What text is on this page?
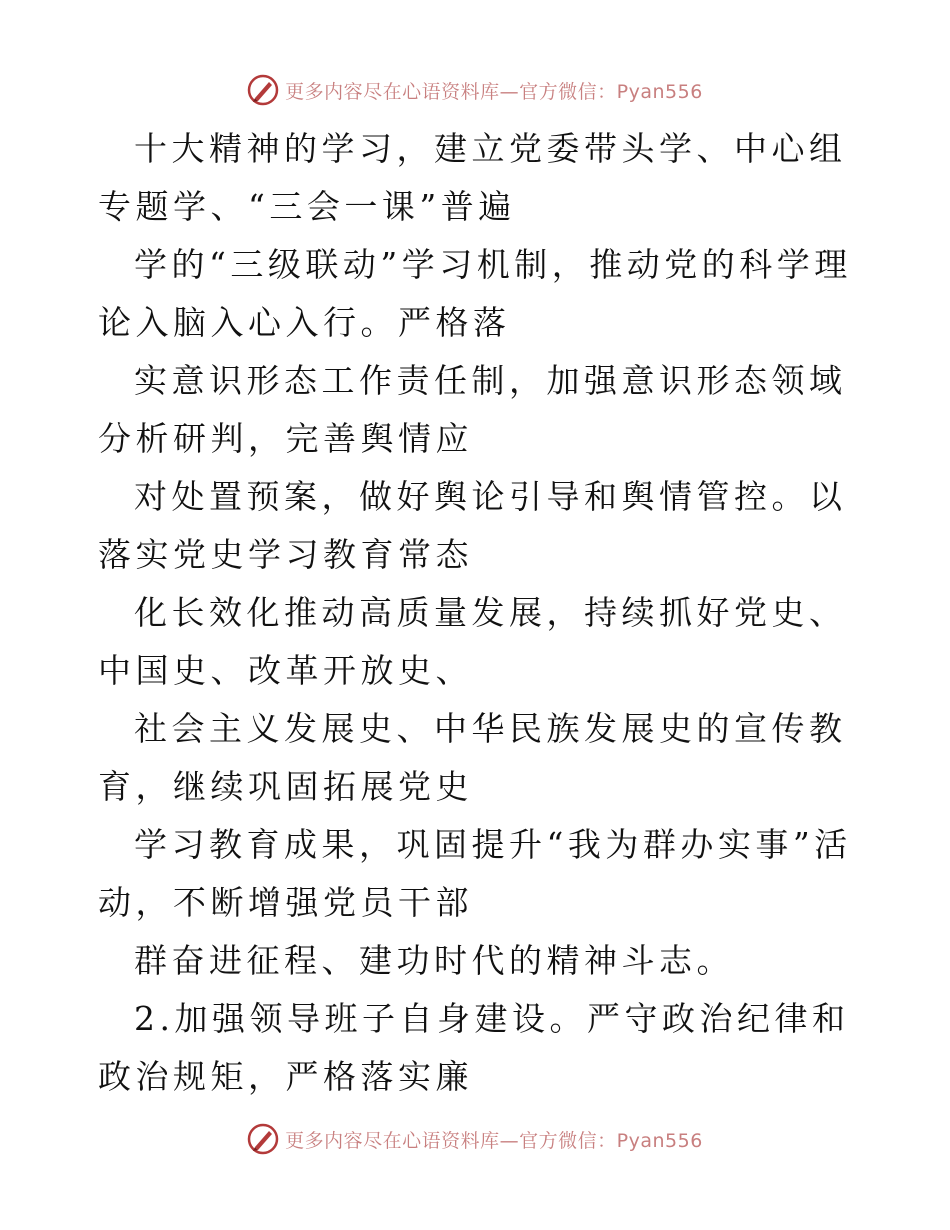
更多内容尽在心语资料库—官方微信：Pyan556

十大精神的学习，建立党委带头学、中心组专题学、“三会一课”普遍

学的“三级联动”学习机制，推动党的科学理论入脑入心入行。严格落

实意识形态工作责任制，加强意识形态领域分析研判，完善舆情应

对处置预案，做好舆论引导和舆情管控。以落实党史学习教育常态

化长效化推动高质量发展，持续抓好党史、中国史、改革开放史、

社会主义发展史、中华民族发展史的宣传教育，继续巩固拓展党史

学习教育成果，巩固提升“我为群办实事”活动，不断增强党员干部

群奋进征程、建功时代的精神斗志。

2.加强领导班子自身建设。严守政治纪律和政治规矩，严格落实廉

更多内容尽在心语资料库—官方微信：Pyan556
